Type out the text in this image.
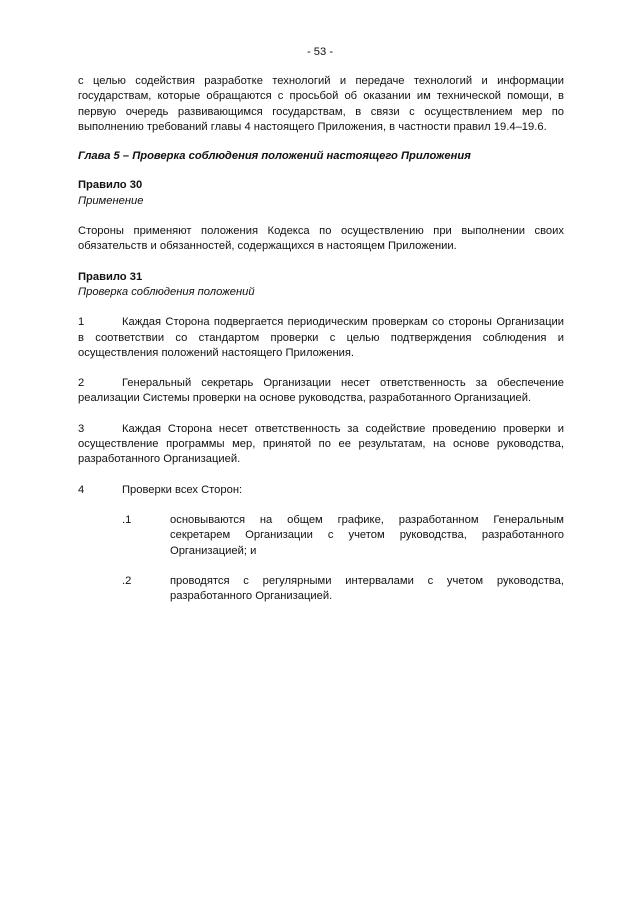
- 53 -

с целью содействия разработке технологий и передаче технологий и информации государствам, которые обращаются с просьбой об оказании им технической помощи, в первую очередь развивающимся государствам, в связи с осуществлением мер по выполнению требований главы 4 настоящего Приложения, в частности правил 19.4–19.6.

Глава 5 – Проверка соблюдения положений настоящего Приложения

Правило 30

Применение

Стороны применяют положения Кодекса по осуществлению при выполнении своих обязательств и обязанностей, содержащихся в настоящем Приложении.

Правило 31

Проверка соблюдения положений

1	Каждая Сторона подвергается периодическим проверкам со стороны Организации в соответствии со стандартом проверки с целью подтверждения соблюдения и осуществления положений настоящего Приложения.

2	Генеральный секретарь Организации несет ответственность за обеспечение реализации Системы проверки на основе руководства, разработанного Организацией.

3	Каждая Сторона несет ответственность за содействие проведению проверки и осуществление программы мер, принятой по ее результатам, на основе руководства, разработанного Организацией.

4	Проверки всех Сторон:

.1	основываются на общем графике, разработанном Генеральным секретарем Организации с учетом руководства, разработанного Организацией; и
.2	проводятся с регулярными интервалами с учетом руководства, разработанного Организацией.
